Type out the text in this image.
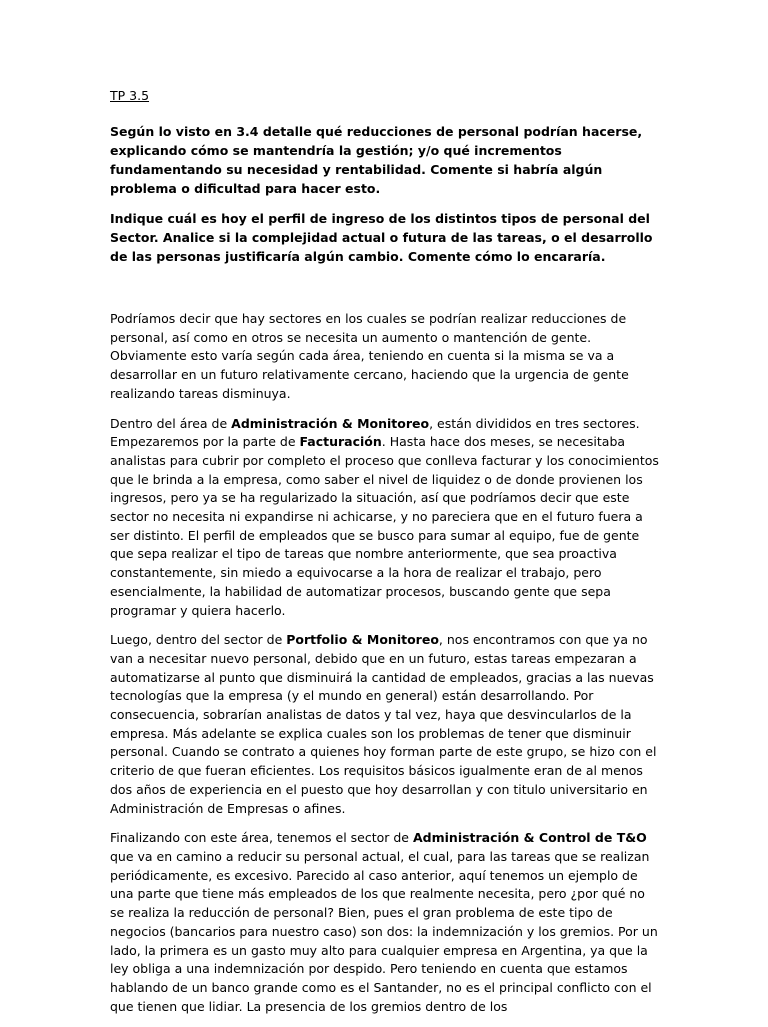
TP 3.5

Según lo visto en 3.4 detalle qué reducciones de personal podrían hacerse, explicando cómo se mantendría la gestión; y/o qué incrementos fundamentando su necesidad y rentabilidad. Comente si habría algún problema o dificultad para hacer esto.

Indique cuál es hoy el perfil de ingreso de los distintos tipos de personal del Sector. Analice si la complejidad actual o futura de las tareas, o el desarrollo de las personas justificaría algún cambio. Comente cómo lo encararía.

Podríamos decir que hay sectores en los cuales se podrían realizar reducciones de personal, así como en otros se necesita un aumento o mantención de gente. Obviamente esto varía según cada área, teniendo en cuenta si la misma se va a desarrollar en un futuro relativamente cercano, haciendo que la urgencia de gente realizando tareas disminuya.

Dentro del área de Administración & Monitoreo, están divididos en tres sectores. Empezaremos por la parte de Facturación. Hasta hace dos meses, se necesitaba analistas para cubrir por completo el proceso que conlleva facturar y los conocimientos que le brinda a la empresa, como saber el nivel de liquidez o de donde provienen los ingresos, pero ya se ha regularizado la situación, así que podríamos decir que este sector no necesita ni expandirse ni achicarse, y no pareciera que en el futuro fuera a ser distinto. El perfil de empleados que se busco para sumar al equipo, fue de gente que sepa realizar el tipo de tareas que nombre anteriormente, que sea proactiva constantemente, sin miedo a equivocarse a la hora de realizar el trabajo, pero esencialmente, la habilidad de automatizar procesos, buscando gente que sepa programar y quiera hacerlo.

Luego, dentro del sector de Portfolio & Monitoreo, nos encontramos con que ya no van a necesitar nuevo personal, debido que en un futuro, estas tareas empezaran a automatizarse al punto que disminuirá la cantidad de empleados, gracias a las nuevas tecnologías que la empresa (y el mundo en general) están desarrollando. Por consecuencia, sobrarían analistas de datos y tal vez, haya que desvincularlos de la empresa. Más adelante se explica cuales son los problemas de tener que disminuir personal. Cuando se contrato a quienes hoy forman parte de este grupo, se hizo con el criterio de que fueran eficientes. Los requisitos básicos igualmente eran de al menos dos años de experiencia en el puesto que hoy desarrollan y con titulo universitario en Administración de Empresas o afines.

Finalizando con este área, tenemos el sector de Administración & Control de T&O que va en camino a reducir su personal actual, el cual, para las tareas que se realizan periódicamente, es excesivo. Parecido al caso anterior, aquí tenemos un ejemplo de una parte que tiene más empleados de los que realmente necesita, pero ¿por qué no se realiza la reducción de personal? Bien, pues el gran problema de este tipo de negocios (bancarios para nuestro caso) son dos: la indemnización y los gremios. Por un lado, la primera es un gasto muy alto para cualquier empresa en Argentina, ya que la ley obliga a una indemnización por despido. Pero teniendo en cuenta que estamos hablando de un banco grande como es el Santander, no es el principal conflicto con el que tienen que lidiar. La presencia de los gremios dentro de los
